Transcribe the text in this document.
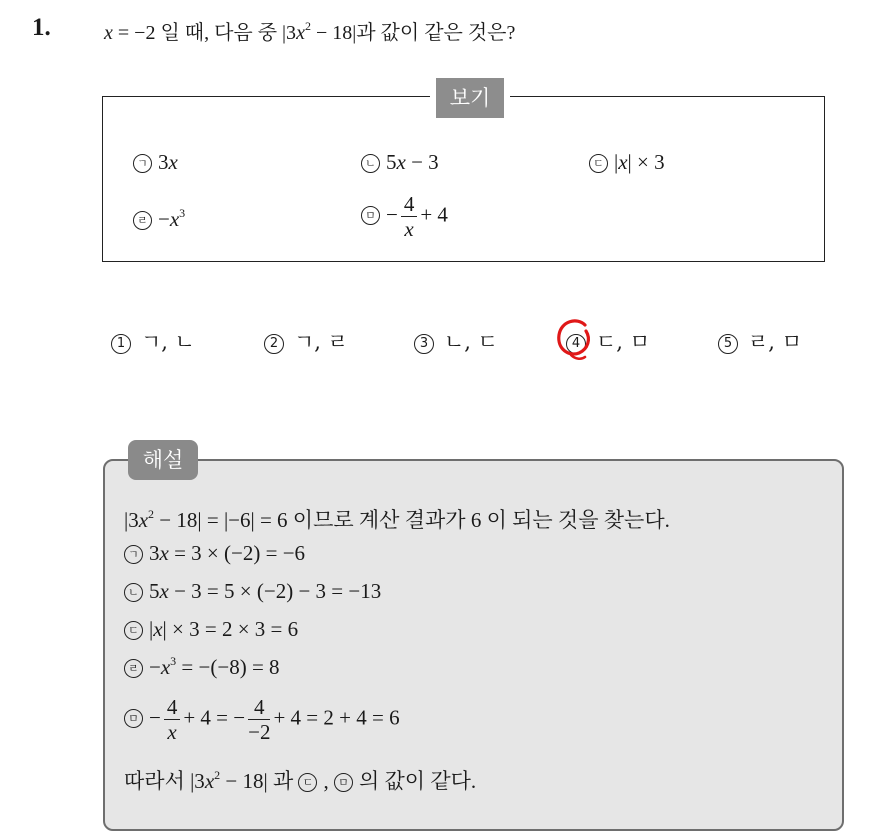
1.	x = −2 일 때, 다음 중 $|3x^2 - 18|$과 값이 같은 것은?
보기
ㄱ 3x	ㄴ 5x − 3	ㄷ |x| × 3
ㄹ $-x^3$	ㅁ − $\frac{4}{x} + 4$
1 ㄱ, ㄴ	2 ㄱ, ㄹ	3 ㄴ, ㄷ	4 ㄷ, ㅁ	5 ㄹ, ㅁ
해설
$|3x^2 - 18| = |-6| = 6$ 이므로 계산 결과가 6 이 되는 것을 찾는다.
ㄱ 3x = 3 × (−2) = −6
ㄴ 5x − 3 = 5 × (−2) − 3 = −13
ㄷ |x| × 3 = 2 × 3 = 6
ㄹ $-x^3 = -(-8) = 8$
ㅁ − $\frac{4}{x} + 4$ = − $\frac{4}{-2} + 4 = 2 + 4 = 6$
따라서 $|3x^2 - 18|$ 과 ㄷ , ㅁ 의 값이 같다.
